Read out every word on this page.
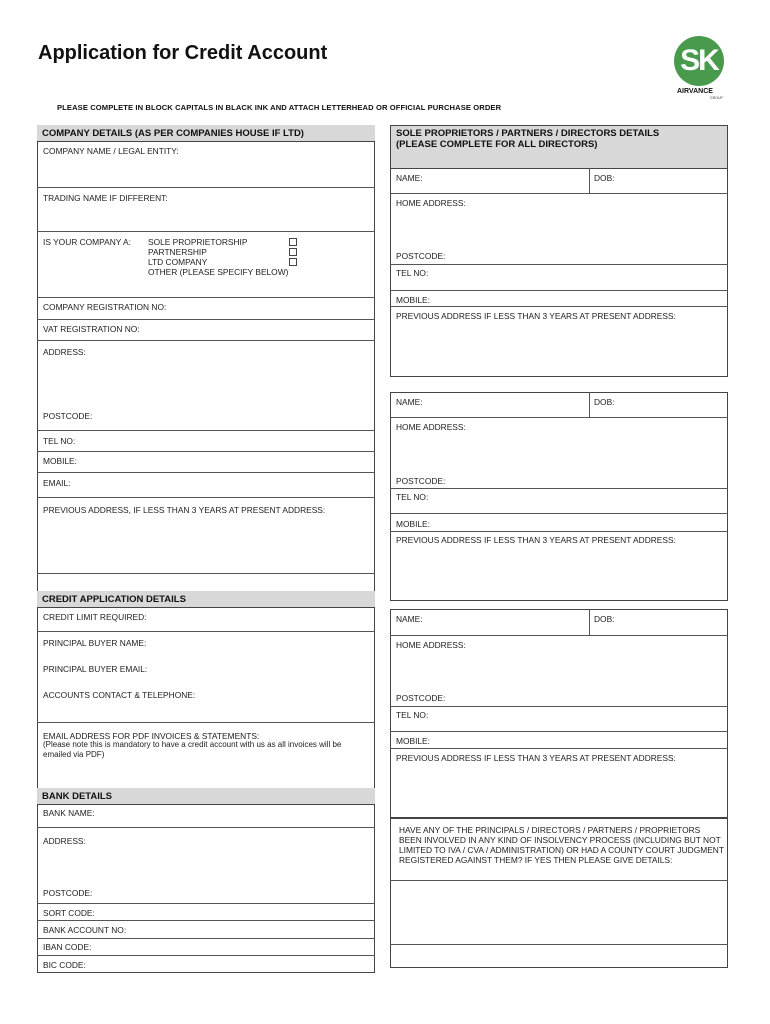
Application for Credit Account
PLEASE COMPLETE IN BLOCK CAPITALS IN BLACK INK AND ATTACH LETTERHEAD OR OFFICIAL PURCHASE ORDER
SK
AIRVANCE
GROUP
COMPANY DETAILS (AS PER COMPANIES HOUSE IF LTD)
COMPANY NAME / LEGAL ENTITY:
TRADING NAME IF DIFFERENT:
IS YOUR COMPANY A: SOLE PROPRIETORSHIP
PARTNERSHIP
LTD COMPANY
OTHER (PLEASE SPECIFY BELOW)
COMPANY REGISTRATION NO:
VAT REGISTRATION NO:
ADDRESS:
POSTCODE:
TEL NO:
MOBILE:
EMAIL:
PREVIOUS ADDRESS, IF LESS THAN 3 YEARS AT PRESENT ADDRESS:
CREDIT APPLICATION DETAILS
CREDIT LIMIT REQUIRED:
PRINCIPAL BUYER NAME:
PRINCIPAL BUYER EMAIL:
ACCOUNTS CONTACT & TELEPHONE:
EMAIL ADDRESS FOR PDF INVOICES & STATEMENTS:
(Please note this is mandatory to have a credit account with us as all invoices will be emailed via PDF)
BANK DETAILS
BANK NAME:
ADDRESS:
POSTCODE:
SORT CODE:
BANK ACCOUNT NO:
IBAN CODE:
BIC CODE:
SOLE PROPRIETORS / PARTNERS / DIRECTORS DETAILS
(PLEASE COMPLETE FOR ALL DIRECTORS)
NAME:	DOB:
HOME ADDRESS:
POSTCODE:
TEL NO:
MOBILE:
PREVIOUS ADDRESS IF LESS THAN 3 YEARS AT PRESENT ADDRESS:
NAME:	DOB:
HOME ADDRESS:
POSTCODE:
TEL NO:
MOBILE:
PREVIOUS ADDRESS IF LESS THAN 3 YEARS AT PRESENT ADDRESS:
NAME:	DOB:
HOME ADDRESS:
POSTCODE:
TEL NO:
MOBILE:
PREVIOUS ADDRESS IF LESS THAN 3 YEARS AT PRESENT ADDRESS:
HAVE ANY OF THE PRINCIPALS / DIRECTORS / PARTNERS / PROPRIETORS BEEN INVOLVED IN ANY KIND OF INSOLVENCY PROCESS (INCLUDING BUT NOT LIMITED TO IVA / CVA / ADMINISTRATION) OR HAD A COUNTY COURT JUDGMENT REGISTERED AGAINST THEM? IF YES THEN PLEASE GIVE DETAILS:
